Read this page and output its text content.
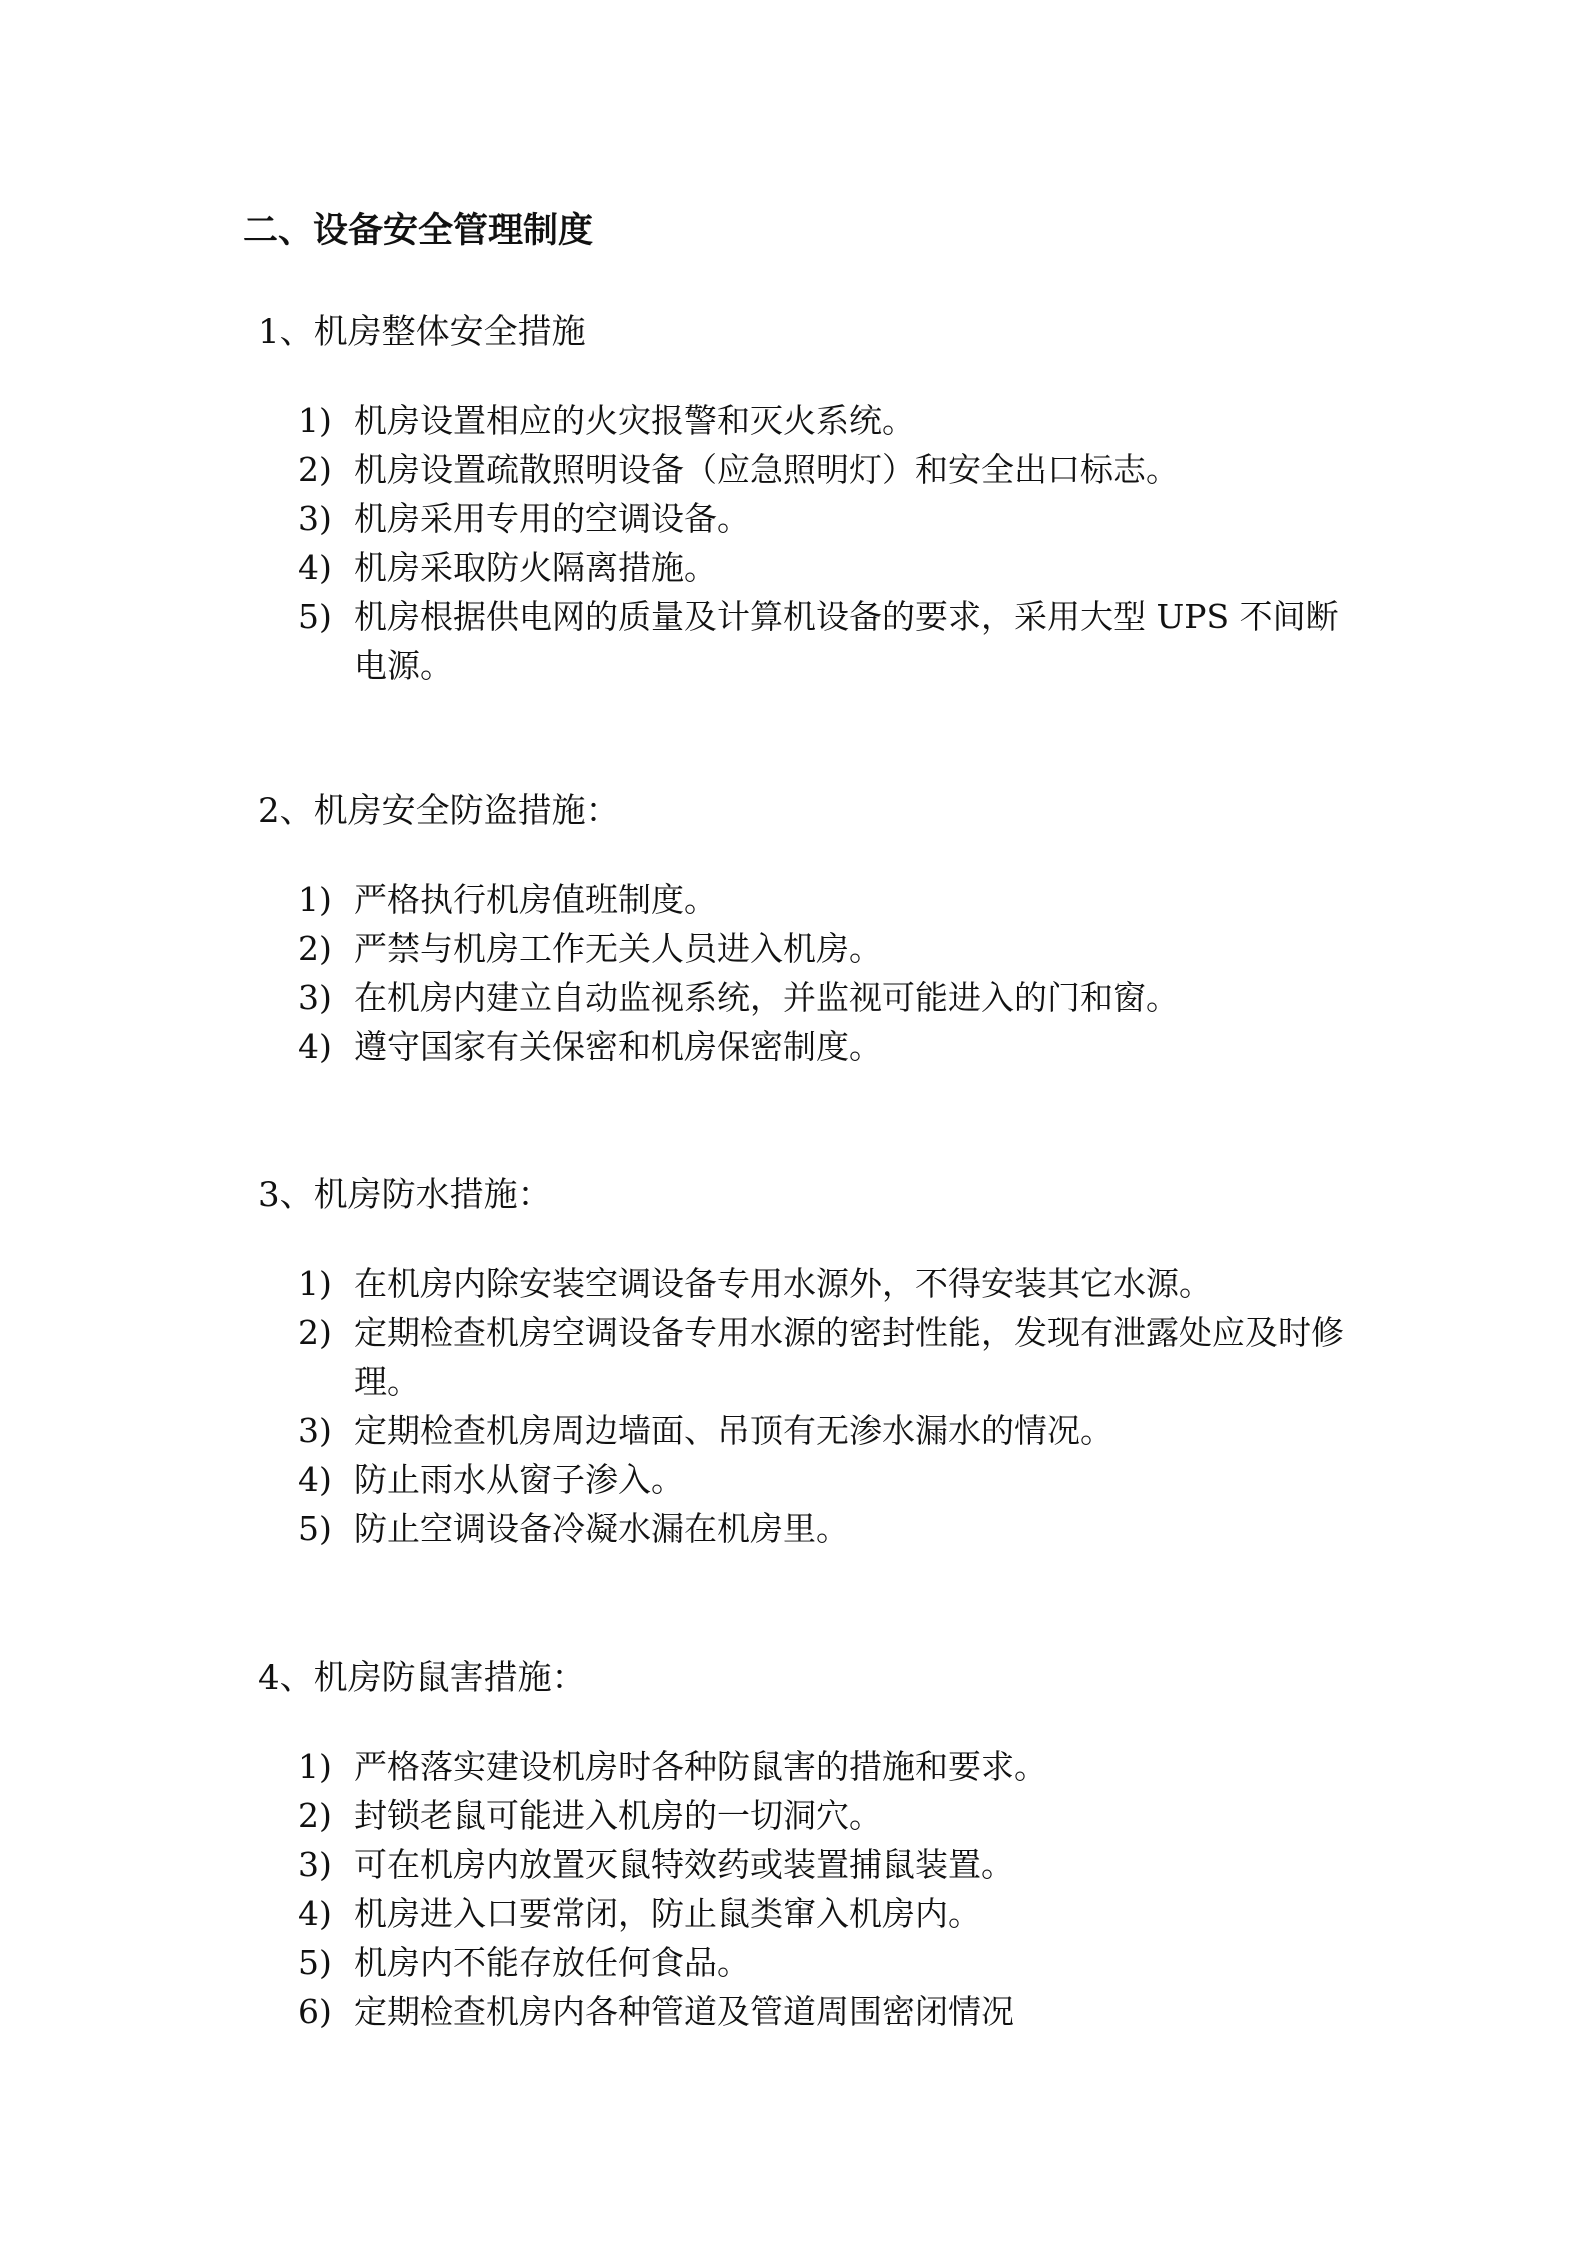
二、设备安全管理制度
1、机房整体安全措施
1) 机房设置相应的火灾报警和灭火系统。
2) 机房设置疏散照明设备（应急照明灯）和安全出口标志。
3) 机房采用专用的空调设备。
4) 机房采取防火隔离措施。
5) 机房根据供电网的质量及计算机设备的要求，采用大型 UPS 不间断电源。
2、机房安全防盗措施：
1) 严格执行机房值班制度。
2) 严禁与机房工作无关人员进入机房。
3) 在机房内建立自动监视系统，并监视可能进入的门和窗。
4) 遵守国家有关保密和机房保密制度。
3、机房防水措施：
1) 在机房内除安装空调设备专用水源外，不得安装其它水源。
2) 定期检查机房空调设备专用水源的密封性能，发现有泄露处应及时修理。
3) 定期检查机房周边墙面、吊顶有无渗水漏水的情况。
4) 防止雨水从窗子渗入。
5) 防止空调设备冷凝水漏在机房里。
4、机房防鼠害措施：
1) 严格落实建设机房时各种防鼠害的措施和要求。
2) 封锁老鼠可能进入机房的一切洞穴。
3) 可在机房内放置灭鼠特效药或装置捕鼠装置。
4) 机房进入口要常闭，防止鼠类窜入机房内。
5) 机房内不能存放任何食品。
6) 定期检查机房内各种管道及管道周围密闭情况
